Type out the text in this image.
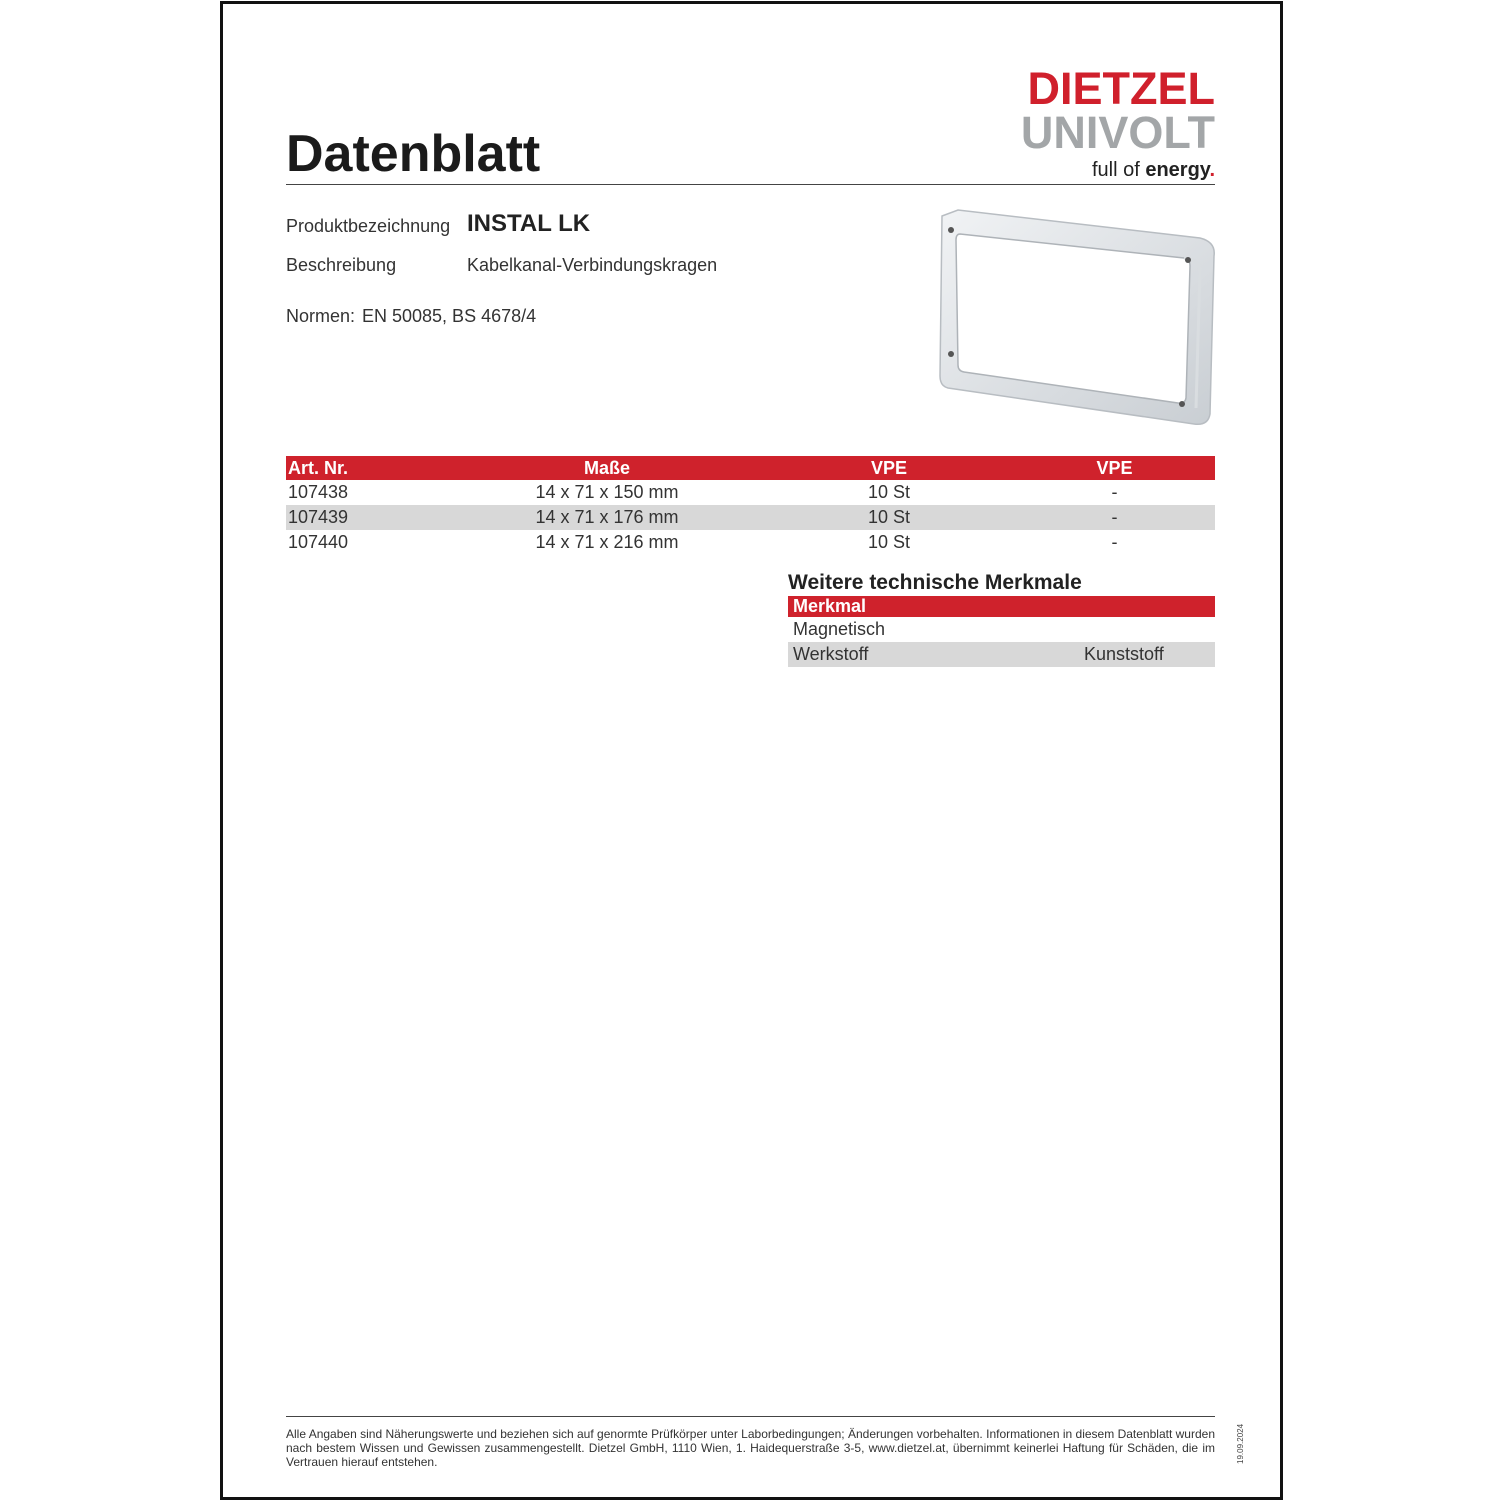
Datenblatt
DIETZEL
UNIVOLT
full of energy.
Produktbezeichnung INSTAL LK
Beschreibung	Kabelkanal-Verbindungskragen
Normen: EN 50085, BS 4678/4
Art. Nr.	Maße	VPE	VPE
107438	14 x 71 x 150 mm	10 St	-
107439	14 x 71 x 176 mm	10 St	-
107440	14 x 71 x 216 mm	10 St	-
Weitere technische Merkmale
Merkmal	
Magnetisch	
Werkstoff	Kunststoff
Alle Angaben sind Näherungswerte und beziehen sich auf genormte Prüfkörper unter Laborbedingungen; Änderungen vorbehalten. Informationen in diesem Datenblatt wurden nach bestem Wissen und Gewissen zusammengestellt. Dietzel GmbH, 1110 Wien, 1. Haidequerstraße 3-5, www.dietzel.at, übernimmt keinerlei Haftung für Schäden, die im Vertrauen hierauf entstehen.	19.09.2024
